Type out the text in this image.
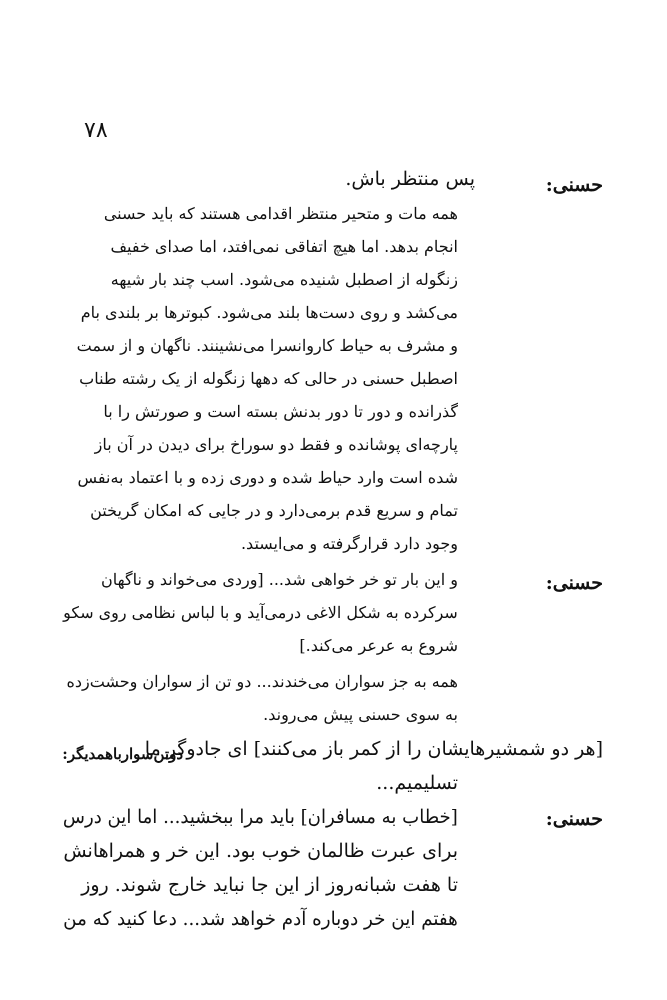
۷۸
حسنی:
پس منتظر باش.
همه مات و متحیر منتظر اقدامی هستند که باید حسنی
انجام بدهد. اما هیچ اتفاقی نمی‌افتد، اما صدای خفیف
زنگوله از اصطبل شنیده می‌شود. اسب چند بار شیهه
می‌کشد و روی دست‌ها بلند می‌شود. کبوترها بر بلندی بام
و مشرف به حیاط کاروانسرا می‌نشینند. ناگهان و از سمت
اصطبل حسنی در حالی که دهها زنگوله از یک رشته طناب
گذرانده و دور تا دور بدنش بسته است و صورتش را با
پارچه‌ای پوشانده و فقط دو سوراخ برای دیدن در آن باز
شده است وارد حیاط شده و دوری زده و با اعتماد به‌نفس
تمام و سریع قدم برمی‌دارد و در جایی که امکان گریختن
وجود دارد قرارگرفته و می‌ایستد.
حسنی:
و این بار تو خر خواهی شد... [وردی می‌خواند و ناگهان
سرکرده به شکل الاغی درمی‌آید و با لباس نظامی روی سکو
شروع به عرعر می‌کند.]
همه به جز سواران می‌خندند... دو تن از سواران وحشت‌زده
به سوی حسنی پیش می‌روند.
دوتن‌سوارباهمدیگر:
[هر دو شمشیرهایشان را از کمر باز می‌کنند] ای جادوگر ما
تسلیمیم...
حسنی:
[خطاب به مسافران] باید مرا ببخشید... اما این درس
برای عبرت ظالمان خوب بود. این خر و همراهانش
تا هفت شبانه‌روز از این جا نباید خارج شوند. روز
هفتم این خر دوباره آدم خواهد شد... دعا کنید که من
